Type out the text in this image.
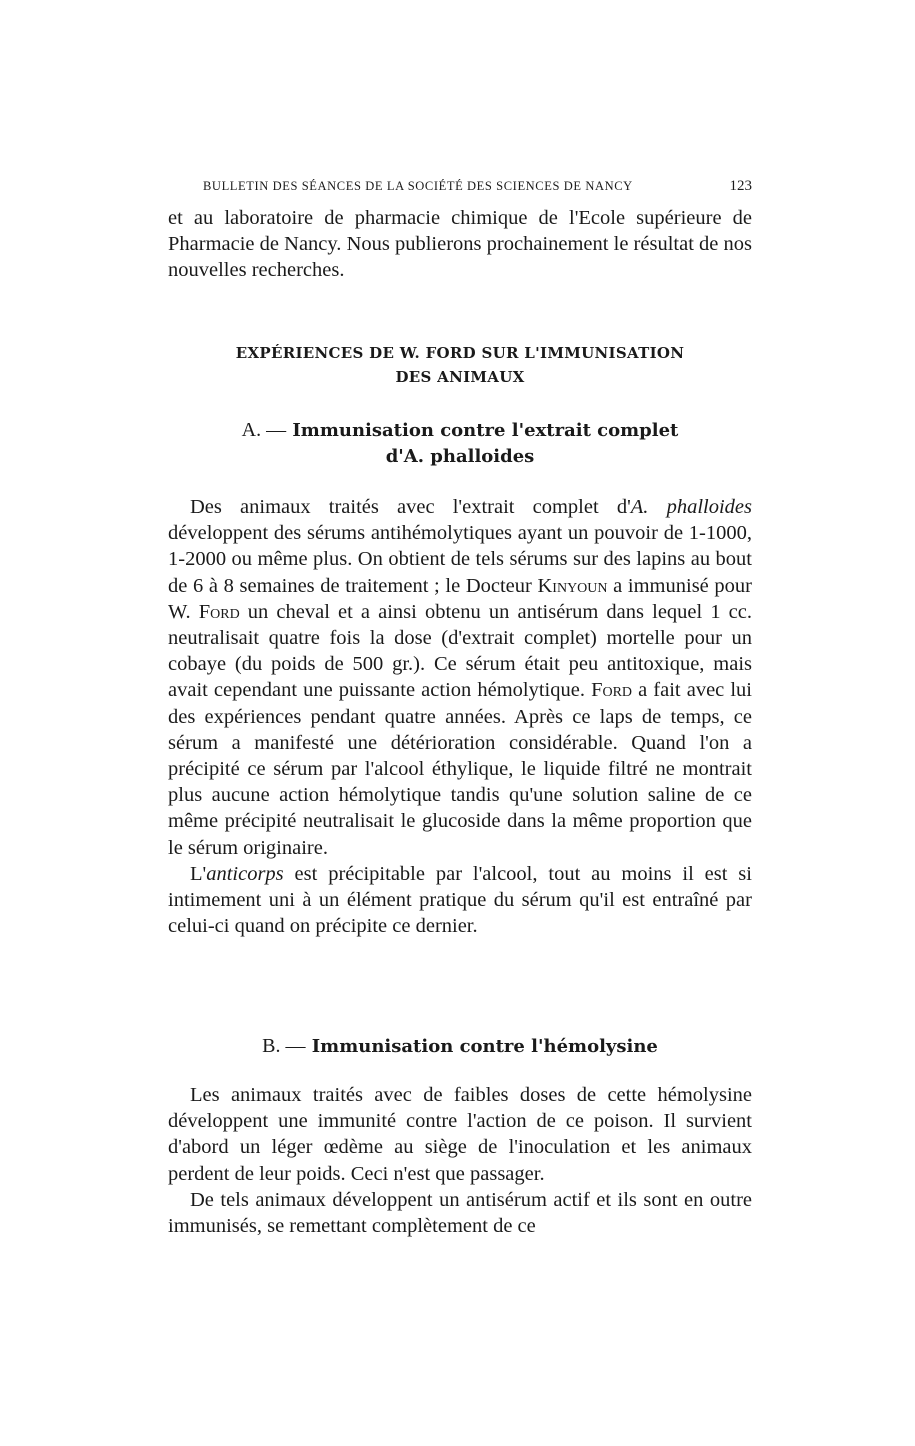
BULLETIN DES SÉANCES DE LA SOCIÉTÉ DES SCIENCES DE NANCY	123

et au laboratoire de pharmacie chimique de l'Ecole supérieure de Pharmacie de Nancy. Nous publierons prochainement le résultat de nos nouvelles recherches.

EXPÉRIENCES DE W. FORD SUR L'IMMUNISATION
DES ANIMAUX
A. — Immunisation contre l'extrait complet
d'A. phalloides

Des animaux traités avec l'extrait complet d'A. phalloides développent des sérums antihémolytiques ayant un pouvoir de 1-1000, 1-2000 ou même plus. On obtient de tels sérums sur des lapins au bout de 6 à 8 semaines de traitement ; le Docteur Kinyoun a immunisé pour W. Ford un cheval et a ainsi obtenu un antisérum dans lequel 1 cc. neutralisait quatre fois la dose (d'extrait complet) mortelle pour un cobaye (du poids de 500 gr.). Ce sérum était peu antitoxique, mais avait cependant une puissante action hémolytique. Ford a fait avec lui des expériences pendant quatre années. Après ce laps de temps, ce sérum a manifesté une détérioration considérable. Quand l'on a précipité ce sérum par l'alcool éthylique, le liquide filtré ne montrait plus aucune action hémolytique tandis qu'une solution saline de ce même précipité neutralisait le glucoside dans la même proportion que le sérum originaire.

L'anticorps est précipitable par l'alcool, tout au moins il est si intimement uni à un élément pratique du sérum qu'il est entraîné par celui-ci quand on précipite ce dernier.

B. — Immunisation contre l'hémolysine

Les animaux traités avec de faibles doses de cette hémolysine développent une immunité contre l'action de ce poison. Il survient d'abord un léger œdème au siège de l'inoculation et les animaux perdent de leur poids. Ceci n'est que passager.

De tels animaux développent un antisérum actif et ils sont en outre immunisés, se remettant complètement de ce
